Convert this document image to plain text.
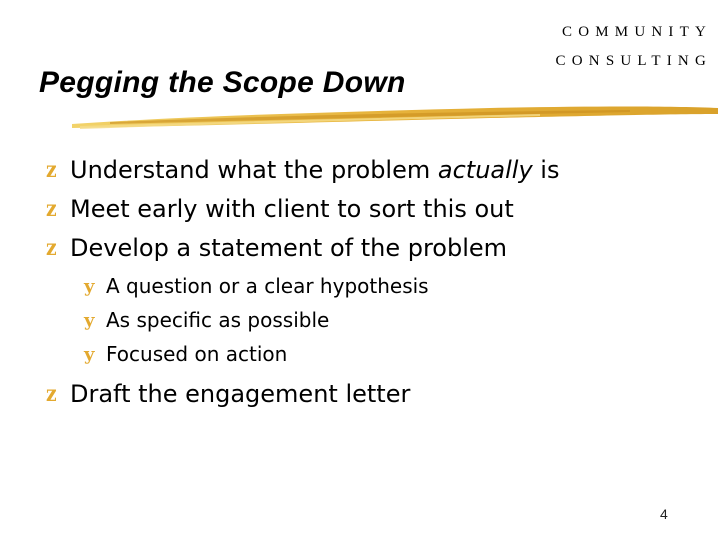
COMMUNITY
CONSULTING
Pegging the Scope Down
z Understand what the problem actually is
z Meet early with client to sort this out
z Develop a statement of the problem
y A question or a clear hypothesis
y As specific as possible
y Focused on action
z Draft the engagement letter
4
